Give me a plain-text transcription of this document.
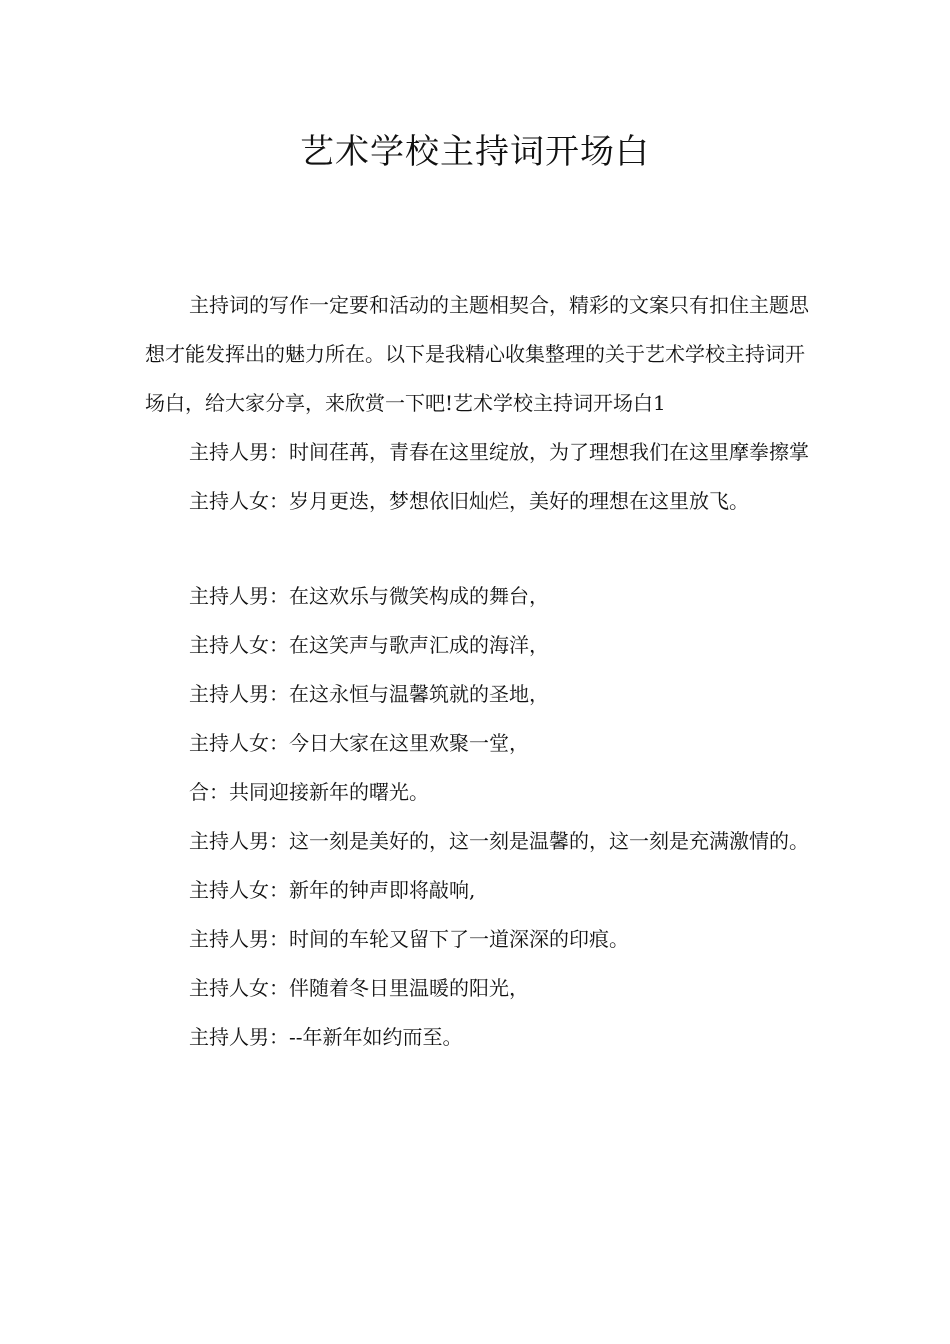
艺术学校主持词开场白

主持词的写作一定要和活动的主题相契合，精彩的文案只有扣住主题思想才能发挥出的魅力所在。以下是我精心收集整理的关于艺术学校主持词开场白，给大家分享，来欣赏一下吧!艺术学校主持词开场白1

主持人男：时间荏苒，青春在这里绽放，为了理想我们在这里摩拳擦掌

主持人女：岁月更迭，梦想依旧灿烂，美好的理想在这里放飞。

主持人男：在这欢乐与微笑构成的舞台，

主持人女：在这笑声与歌声汇成的海洋，

主持人男：在这永恒与温馨筑就的圣地，

主持人女：今日大家在这里欢聚一堂，

合：共同迎接新年的曙光。

主持人男：这一刻是美好的，这一刻是温馨的，这一刻是充满激情的。

主持人女：新年的钟声即将敲响,

主持人男：时间的车轮又留下了一道深深的印痕。

主持人女：伴随着冬日里温暖的阳光，

主持人男：--年新年如约而至。
